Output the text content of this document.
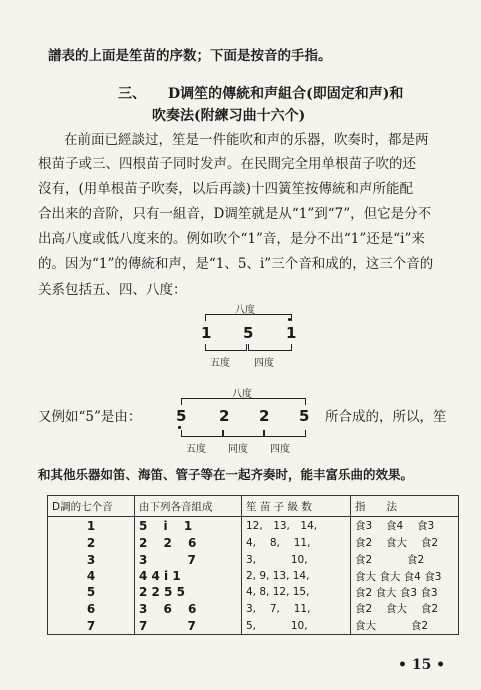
譜表的上面是笙苗的序数；下面是按音的手指。
三、 D调笙的傳統和声組合(即固定和声)和
吹奏法(附練习曲十六个)
在前面已經談过，笙是一件能吹和声的乐器，吹奏时，都是两
根苗子或三、四根苗子同时发声。在民間完全用单根苗子吹的还
沒有，(用单根苗子吹奏，以后再談)十四簧笙按傳統和声所能配
合出来的音阶，只有一組音，D调笙就是从“1”到“7”，但它是分不
出高八度或低八度来的。例如吹个“1”音，是分不出“1”还是“i”来
的。因为“1”的傳統和声，是“1、5、i”三个音和成的，这三个音的
关系包括五、四、八度：
八度
1 5 1
五度 四度
又例如“5”是由：
八度
5 2 2 5
五度 同度 四度
所合成的，所以，笙
和其他乐器如笛、海笛、管子等在一起齐奏时，能丰富乐曲的效果。
D調的七个音	由下列各音組成	笙 苗 子 級 数	指　　法
1	5　 i　 1	12,　13,　14,	食3　 食4　 食3
2	2　 2　 6	4,　 8,　 11,	食2　 食大　 食2
3	3　　　 7	3,　　　 10,	食2　　　 食2
4	4 4 i 1	2, 9, 13, 14,	食大 食大 食4 食3
5	2 2 5 5	4, 8, 12, 15,	食2 食大 食3 食3
6	3　 6　 6	3,　 7,　 11,	食2　 食大　 食2
7	7　　　 7	5,　　　 10,	食大　　　 食2
• 15 •
